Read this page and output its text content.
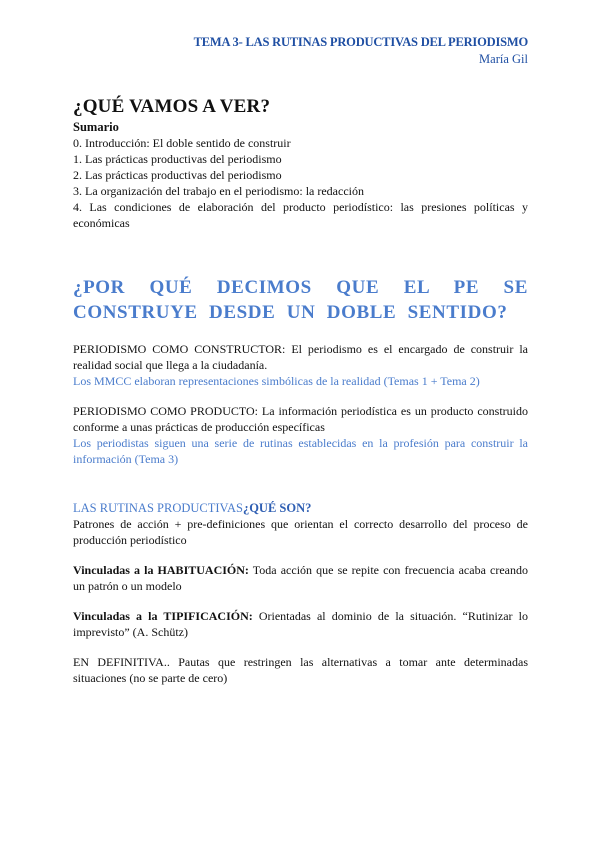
TEMA 3- LAS RUTINAS PRODUCTIVAS DEL PERIODISMO
María Gil
¿QUÉ VAMOS A VER?
Sumario
0. Introducción: El doble sentido de construir
1. Las prácticas productivas del periodismo
2. Las prácticas productivas del periodismo
3. La organización del trabajo en el periodismo: la redacción
4. Las condiciones de elaboración del producto periodístico: las presiones políticas y económicas
¿POR QUÉ DECIMOS QUE EL PE SE CONSTRUYE DESDE UN DOBLE SENTIDO?
PERIODISMO COMO CONSTRUCTOR: El periodismo es el encargado de construir la realidad social que llega a la ciudadanía.
Los MMCC elaboran representaciones simbólicas de la realidad (Temas 1 + Tema 2)
PERIODISMO COMO PRODUCTO: La información periodística es un producto construido conforme a unas prácticas de producción específicas
Los periodistas siguen una serie de rutinas establecidas en la profesión para construir la información (Tema 3)
LAS RUTINAS PRODUCTIVAS¿QUÉ SON?
Patrones de acción + pre-definiciones que orientan el correcto desarrollo del proceso de producción periodístico
Vinculadas a la HABITUACIÓN: Toda acción que se repite con frecuencia acaba creando un patrón o un modelo
Vinculadas a la TIPIFICACIÓN: Orientadas al dominio de la situación. “Rutinizar lo imprevisto” (A. Schütz)
EN DEFINITIVA.. Pautas que restringen las alternativas a tomar ante determinadas situaciones (no se parte de cero)
